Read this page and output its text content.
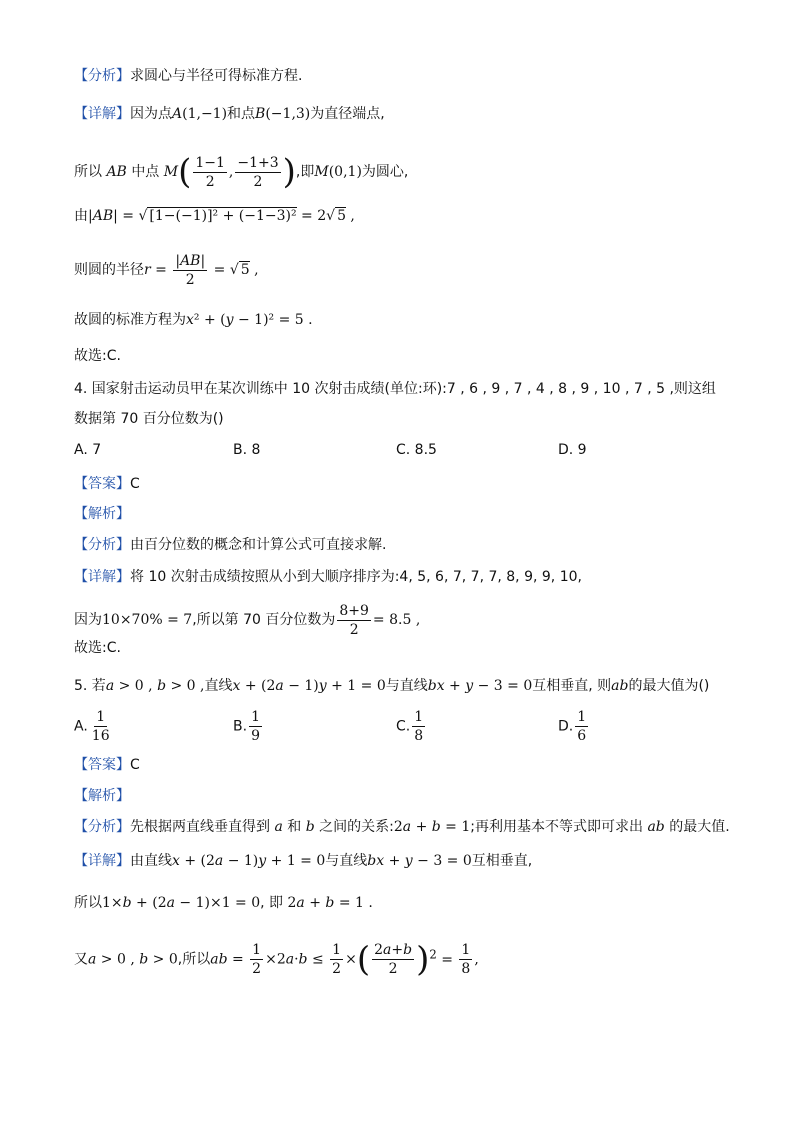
【分析】求圆心与半径可得标准方程.
【详解】因为点A(1,−1)和点B(−1,3)为直径端点,
所以 AB 中点 $M( \frac{1-1}{2}$ , $\frac{-1+3}{2}$ ),即M(0,1)为圆心,
由|AB| = √ [1−(−1)]² + (−1−3)² = 2√ 5 ,
则圆的半径$r = \frac{|AB|}{2}$ = √ 5 ,
故圆的标准方程为x² + (y − 1)² = 5 .
故选:C.
4. 国家射击运动员甲在某次训练中 10 次射击成绩(单位:环):7 , 6 , 9 , 7 , 4 , 8 , 9 , 10 , 7 , 5 ,则这组
数据第 70 百分位数为()
A. 7	B. 8	C. 8.5	D. 9
【答案】C
【解析】
【分析】由百分位数的概念和计算公式可直接求解.
【详解】将 10 次射击成绩按照从小到大顺序排序为:4, 5, 6, 7, 7, 7, 8, 9, 9, 10,
因为10×70% = 7,所以第 70 百分位数为 $\frac{8+9}{2} = 8.5$ ,
故选:C.
5. 若a > 0 , b > 0 ,直线x + (2a − 1)y + 1 = 0与直线bx + y − 3 = 0互相垂直, 则ab的最大值为()
A. $\frac{1}{16}$	B. $\frac{1}{9}$	C. $\frac{1}{8}$	D. $\frac{1}{6}$
【答案】C
【解析】
【分析】先根据两直线垂直得到 a 和 b 之间的关系:2a + b = 1;再利用基本不等式即可求出 ab 的最大值.
【详解】由直线x + (2a − 1)y + 1 = 0与直线bx + y − 3 = 0互相垂直,
所以1×b + (2a − 1)×1 = 0, 即 2a + b = 1 .
又a > 0 , b > 0,所以ab = $\frac{1}{2} \times 2a\cdot b \le \frac{1}{2}$ ×( $\frac{2a+b}{2} )^2 = \frac{1}{8}$ ,
